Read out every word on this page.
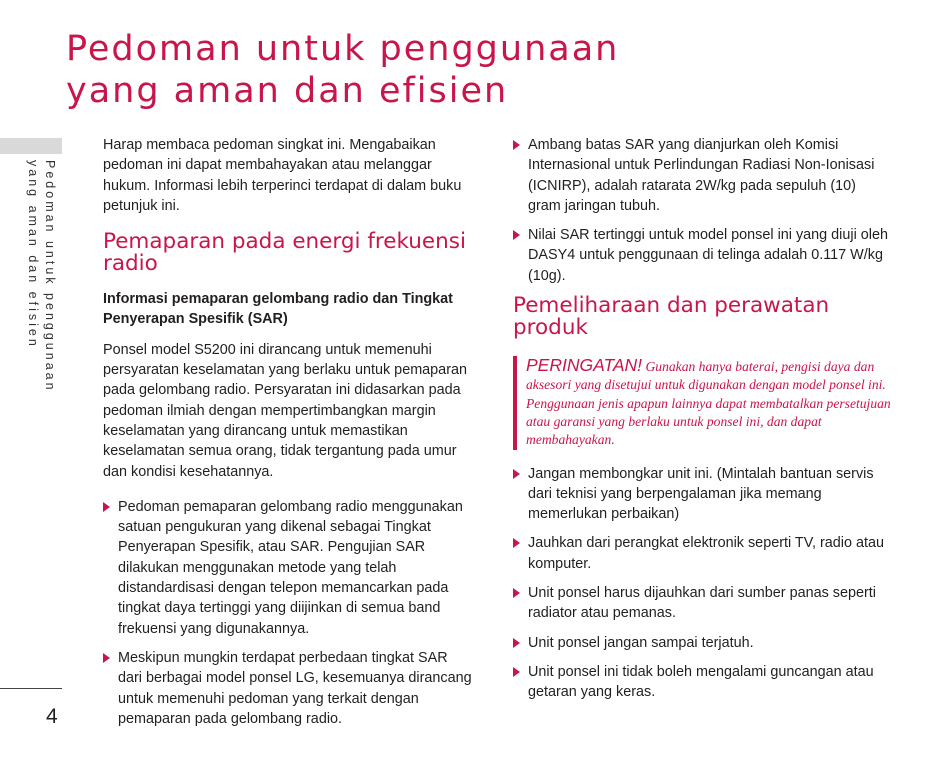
Pedoman untuk penggunaan
yang aman dan efisien
Pedoman untuk penggunaan
yang aman dan efisien
4

Harap membaca pedoman singkat ini. Mengabaikan pedoman ini dapat membahayakan atau melanggar hukum. Informasi lebih terperinci terdapat di dalam buku petunjuk ini.

Pemaparan pada energi frekuensi radio

Informasi pemaparan gelombang radio dan Tingkat Penyerapan Spesifik (SAR)

Ponsel model S5200 ini dirancang untuk memenuhi persyaratan keselamatan yang berlaku untuk pemaparan pada gelombang radio. Persyaratan ini didasarkan pada pedoman ilmiah dengan mempertimbangkan margin keselamatan yang dirancang untuk memastikan keselamatan semua orang, tidak tergantung pada umur dan kondisi kesehatannya.

Pedoman pemaparan gelombang radio menggunakan satuan pengukuran yang dikenal sebagai Tingkat Penyerapan Spesifik, atau SAR. Pengujian SAR dilakukan menggunakan metode yang telah distandardisasi dengan telepon memancarkan pada tingkat daya tertinggi yang diijinkan di semua band frekuensi yang digunakannya.

Meskipun mungkin terdapat perbedaan tingkat SAR dari berbagai model ponsel LG, kesemuanya dirancang untuk memenuhi pedoman yang terkait dengan pemaparan pada gelombang radio.

Ambang batas SAR yang dianjurkan oleh Komisi Internasional untuk Perlindungan Radiasi Non-Ionisasi (ICNIRP), adalah ratarata 2W/kg pada sepuluh (10) gram jaringan tubuh.

Nilai SAR tertinggi untuk model ponsel ini yang diuji oleh DASY4 untuk penggunaan di telinga adalah 0.117 W/kg (10g).

Pemeliharaan dan perawatan produk
PERINGATAN! Gunakan hanya baterai, pengisi daya dan aksesori yang disetujui untuk digunakan dengan model ponsel ini. Penggunaan jenis apapun lainnya dapat membatalkan persetujuan atau garansi yang berlaku untuk ponsel ini, dan dapat membahayakan.

Jangan membongkar unit ini. (Mintalah bantuan servis dari teknisi yang berpengalaman jika memang memerlukan perbaikan)

Jauhkan dari perangkat elektronik seperti TV, radio atau komputer.

Unit ponsel harus dijauhkan dari sumber panas seperti radiator atau pemanas.

Unit ponsel jangan sampai terjatuh.

Unit ponsel ini tidak boleh mengalami guncangan atau getaran yang keras.
